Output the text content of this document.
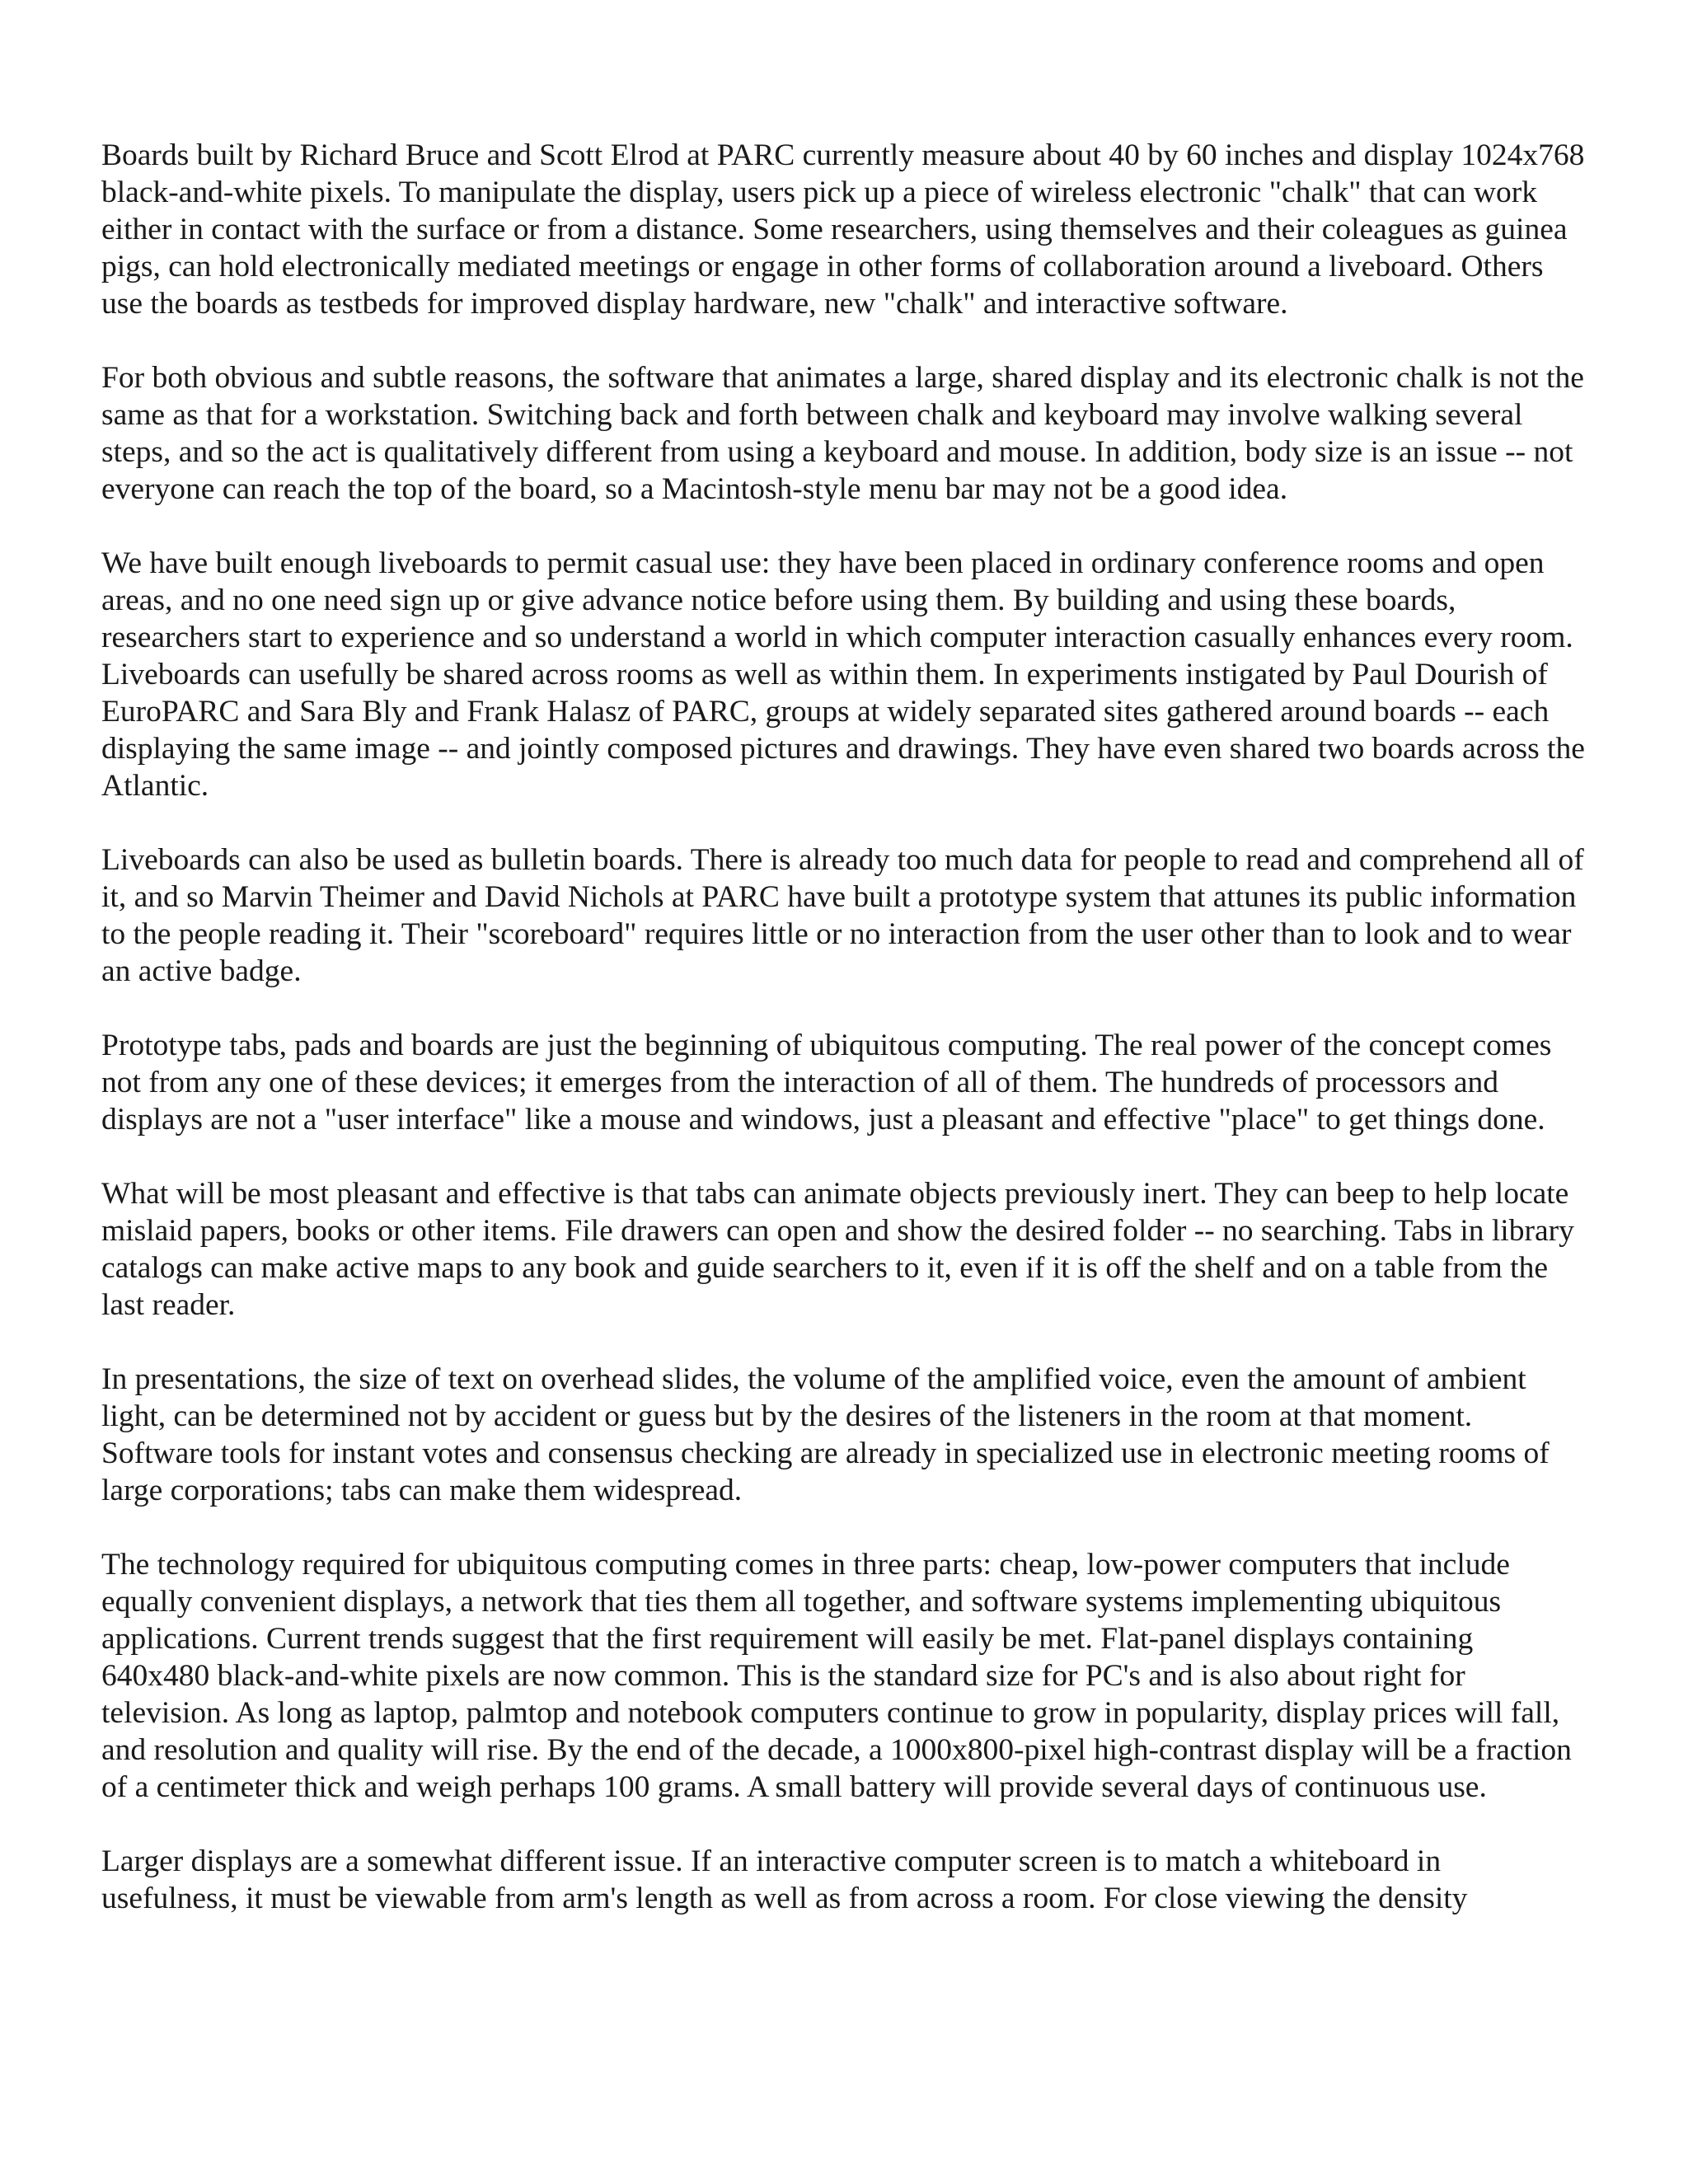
Boards built by Richard Bruce and Scott Elrod at PARC currently measure about 40 by 60 inches and display 1024x768 black-and-white pixels. To manipulate the display, users pick up a piece of wireless electronic "chalk" that can work either in contact with the surface or from a distance. Some researchers, using themselves and their coleagues as guinea pigs, can hold electronically mediated meetings or engage in other forms of collaboration around a liveboard. Others use the boards as testbeds for improved display hardware, new "chalk" and interactive software.

For both obvious and subtle reasons, the software that animates a large, shared display and its electronic chalk is not the same as that for a workstation. Switching back and forth between chalk and keyboard may involve walking several steps, and so the act is qualitatively different from using a keyboard and mouse. In addition, body size is an issue -- not everyone can reach the top of the board, so a Macintosh-style menu bar may not be a good idea.

We have built enough liveboards to permit casual use: they have been placed in ordinary conference rooms and open areas, and no one need sign up or give advance notice before using them. By building and using these boards, researchers start to experience and so understand a world in which computer interaction casually enhances every room. Liveboards can usefully be shared across rooms as well as within them. In experiments instigated by Paul Dourish of EuroPARC and Sara Bly and Frank Halasz of PARC, groups at widely separated sites gathered around boards -- each displaying the same image -- and jointly composed pictures and drawings. They have even shared two boards across the Atlantic.

Liveboards can also be used as bulletin boards. There is already too much data for people to read and comprehend all of it, and so Marvin Theimer and David Nichols at PARC have built a prototype system that attunes its public information to the people reading it. Their "scoreboard" requires little or no interaction from the user other than to look and to wear an active badge.

Prototype tabs, pads and boards are just the beginning of ubiquitous computing. The real power of the concept comes not from any one of these devices; it emerges from the interaction of all of them. The hundreds of processors and displays are not a "user interface" like a mouse and windows, just a pleasant and effective "place" to get things done.

What will be most pleasant and effective is that tabs can animate objects previously inert. They can beep to help locate mislaid papers, books or other items. File drawers can open and show the desired folder -- no searching. Tabs in library catalogs can make active maps to any book and guide searchers to it, even if it is off the shelf and on a table from the last reader.

In presentations, the size of text on overhead slides, the volume of the amplified voice, even the amount of ambient light, can be determined not by accident or guess but by the desires of the listeners in the room at that moment. Software tools for instant votes and consensus checking are already in specialized use in electronic meeting rooms of large corporations; tabs can make them widespread.

The technology required for ubiquitous computing comes in three parts: cheap, low-power computers that include equally convenient displays, a network that ties them all together, and software systems implementing ubiquitous applications. Current trends suggest that the first requirement will easily be met. Flat-panel displays containing 640x480 black-and-white pixels are now common. This is the standard size for PC's and is also about right for television. As long as laptop, palmtop and notebook computers continue to grow in popularity, display prices will fall, and resolution and quality will rise. By the end of the decade, a 1000x800-pixel high-contrast display will be a fraction of a centimeter thick and weigh perhaps 100 grams. A small battery will provide several days of continuous use.

Larger displays are a somewhat different issue. If an interactive computer screen is to match a whiteboard in usefulness, it must be viewable from arm's length as well as from across a room. For close viewing the density
